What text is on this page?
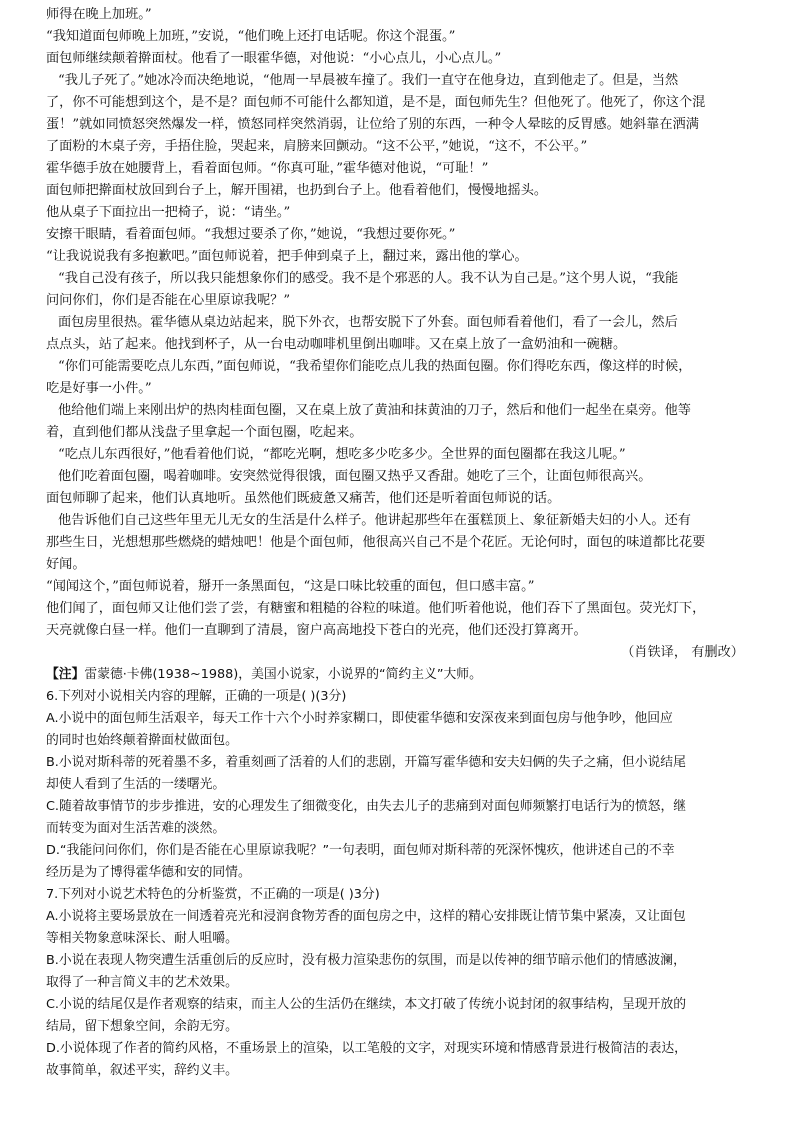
师得在晚上加班。”
“我知道面包师晚上加班，”安说，“他们晚上还打电话呢。你这个混蛋。”
面包师继续颠着擀面杖。他看了一眼霍华德，对他说：“小心点儿，小心点儿。”
“我儿子死了。”她冰冷而决绝地说，“他周一早晨被车撞了。我们一直守在他身边，直到他走了。但是，当然
了，你不可能想到这个，是不是？面包师不可能什么都知道，是不是，面包师先生？但他死了。他死了，你这个混
蛋！”就如同愤怒突然爆发一样，愤怒同样突然消弱，让位给了别的东西，一种令人晕眩的反胃感。她斜靠在洒满
了面粉的木桌子旁，手捂住脸，哭起来，肩膀来回颤动。“这不公平，”她说，“这不，不公平。”
霍华德手放在她腰背上，看着面包师。“你真可耻，”霍华德对他说，“可耻！”
面包师把擀面杖放回到台子上，解开围裙，也扔到台子上。他看着他们，慢慢地摇头。
他从桌子下面拉出一把椅子，说：“请坐。”
安擦干眼睛，看着面包师。“我想过要杀了你，”她说，“我想过要你死。”
“让我说说我有多抱歉吧。”面包师说着，把手伸到桌子上，翻过来，露出他的掌心。
“我自己没有孩子，所以我只能想象你们的感受。我不是个邪恶的人。我不认为自己是。”这个男人说，“我能
问问你们，你们是否能在心里原谅我呢？”
面包房里很热。霍华德从桌边站起来，脱下外衣，也帮安脱下了外套。面包师看着他们，看了一会儿，然后
点点头，站了起来。他找到杯子，从一台电动咖啡机里倒出咖啡。又在桌上放了一盒奶油和一碗糖。
“你们可能需要吃点儿东西，”面包师说，“我希望你们能吃点儿我的热面包圈。你们得吃东西，像这样的时候，
吃是好事一小件。”
他给他们端上来刚出炉的热肉桂面包圈，又在桌上放了黄油和抹黄油的刀子，然后和他们一起坐在桌旁。他等
着，直到他们都从浅盘子里拿起一个面包圈，吃起来。
“吃点儿东西很好，”他看着他们说，“都吃光啊，想吃多少吃多少。全世界的面包圈都在我这儿呢。”
他们吃着面包圈，喝着咖啡。安突然觉得很饿，面包圈又热乎又香甜。她吃了三个，让面包师很高兴。
面包师聊了起来，他们认真地听。虽然他们既疲惫又痛苦，他们还是听着面包师说的话。
他告诉他们自己这些年里无儿无女的生活是什么样子。他讲起那些年在蛋糕顶上、象征新婚夫妇的小人。还有
那些生日，光想想那些燃烧的蜡烛吧！他是个面包师，他很高兴自己不是个花匠。无论何时，面包的味道都比花要
好闻。
“闻闻这个，”面包师说着，掰开一条黑面包，“这是口味比较重的面包，但口感丰富。”
他们闻了，面包师又让他们尝了尝，有糖蜜和粗糙的谷粒的味道。他们听着他说，他们吞下了黑面包。荧光灯下，
天亮就像白昼一样。他们一直聊到了清晨，窗户高高地投下苍白的光亮，他们还没打算离开。
（肖铁译， 有删改）
【注】雷蒙德·卡佛(1938~1988)，美国小说家，小说界的“简约主义”大师。
6.下列对小说相关内容的理解，正确的一项是( )(3分)
A.小说中的面包师生活艰辛，每天工作十六个小时养家糊口，即使霍华德和安深夜来到面包房与他争吵，他回应
的同时也始终颠着擀面杖做面包。
B.小说对斯科蒂的死着墨不多，着重刻画了活着的人们的悲剧，开篇写霍华德和安夫妇俩的失子之痛，但小说结尾
却使人看到了生活的一缕曙光。
C.随着故事情节的步步推进，安的心理发生了细微变化，由失去儿子的悲痛到对面包师频繁打电话行为的愤怒，继
而转变为面对生活苦难的淡然。
D.“我能问问你们，你们是否能在心里原谅我呢？”一句表明，面包师对斯科蒂的死深怀愧疚，他讲述自己的不幸
经历是为了博得霍华德和安的同情。
7.下列对小说艺术特色的分析鉴赏，不正确的一项是( )3分)
A.小说将主要场景放在一间透着亮光和浸润食物芳香的面包房之中，这样的精心安排既让情节集中紧凑，又让面包
等相关物象意味深长、耐人咀嚼。
B.小说在表现人物突遭生活重创后的反应时，没有极力渲染悲伤的氛围，而是以传神的细节暗示他们的情感波澜，
取得了一种言简义丰的艺术效果。
C.小说的结尾仅是作者观察的结束，而主人公的生活仍在继续，本文打破了传统小说封闭的叙事结构，呈现开放的
结局，留下想象空间，余韵无穷。
D.小说体现了作者的简约风格，不重场景上的渲染，以工笔般的文字，对现实环境和情感背景进行极简洁的表达，
故事简单，叙述平实，辞约义丰。
